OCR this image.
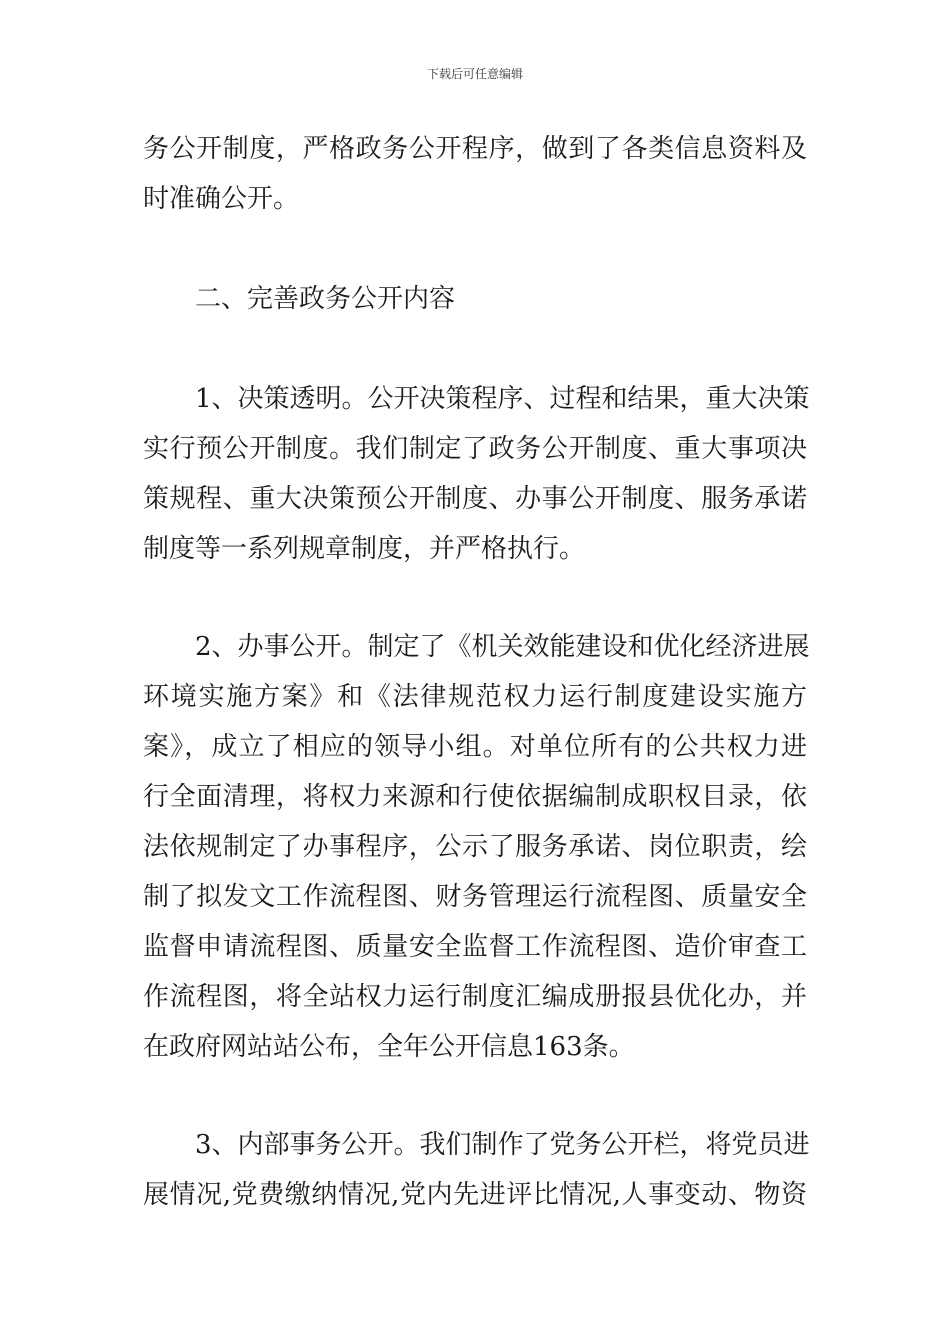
下载后可任意编辑
务公开制度，严格政务公开程序，做到了各类信息资料及
时准确公开。
二、完善政务公开内容
1、决策透明。公开决策程序、过程和结果，重大决策
实行预公开制度。我们制定了政务公开制度、重大事项决
策规程、重大决策预公开制度、办事公开制度、服务承诺
制度等一系列规章制度，并严格执行。
2、办事公开。制定了《机关效能建设和优化经济进展
环境实施方案》和《法律规范权力运行制度建设实施方
案》，成立了相应的领导小组。对单位所有的公共权力进
行全面清理，将权力来源和行使依据编制成职权目录，依
法依规制定了办事程序，公示了服务承诺、岗位职责，绘
制了拟发文工作流程图、财务管理运行流程图、质量安全
监督申请流程图、质量安全监督工作流程图、造价审查工
作流程图，将全站权力运行制度汇编成册报县优化办，并
在政府网站站公布，全年公开信息163条。
3、内部事务公开。我们制作了党务公开栏，将党员进
展情况,党费缴纳情况,党内先进评比情况,人事变动、物资
